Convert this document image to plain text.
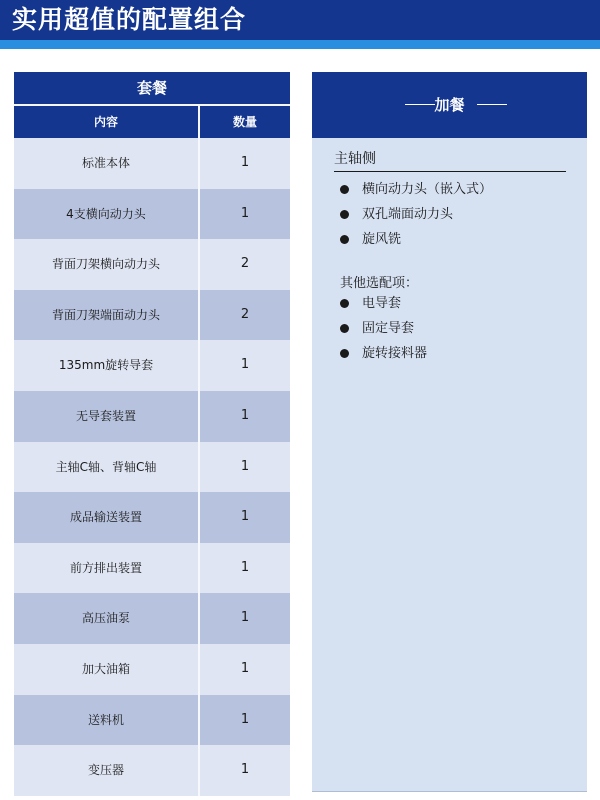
实用超值的配置组合
套餐
内容	数量
标准本体	1
4支横向动力头	1
背面刀架横向动力头	2
背面刀架端面动力头	2
135mm旋转导套	1
无导套装置	1
主轴C轴、背轴C轴	1
成品输送装置	1
前方排出装置	1
高压油泵	1
加大油箱	1
送料机	1
变压器	1
加餐
主轴侧
横向动力头（嵌入式）
双孔端面动力头
旋风铣
其他选配项：
电导套
固定导套
旋转接料器
